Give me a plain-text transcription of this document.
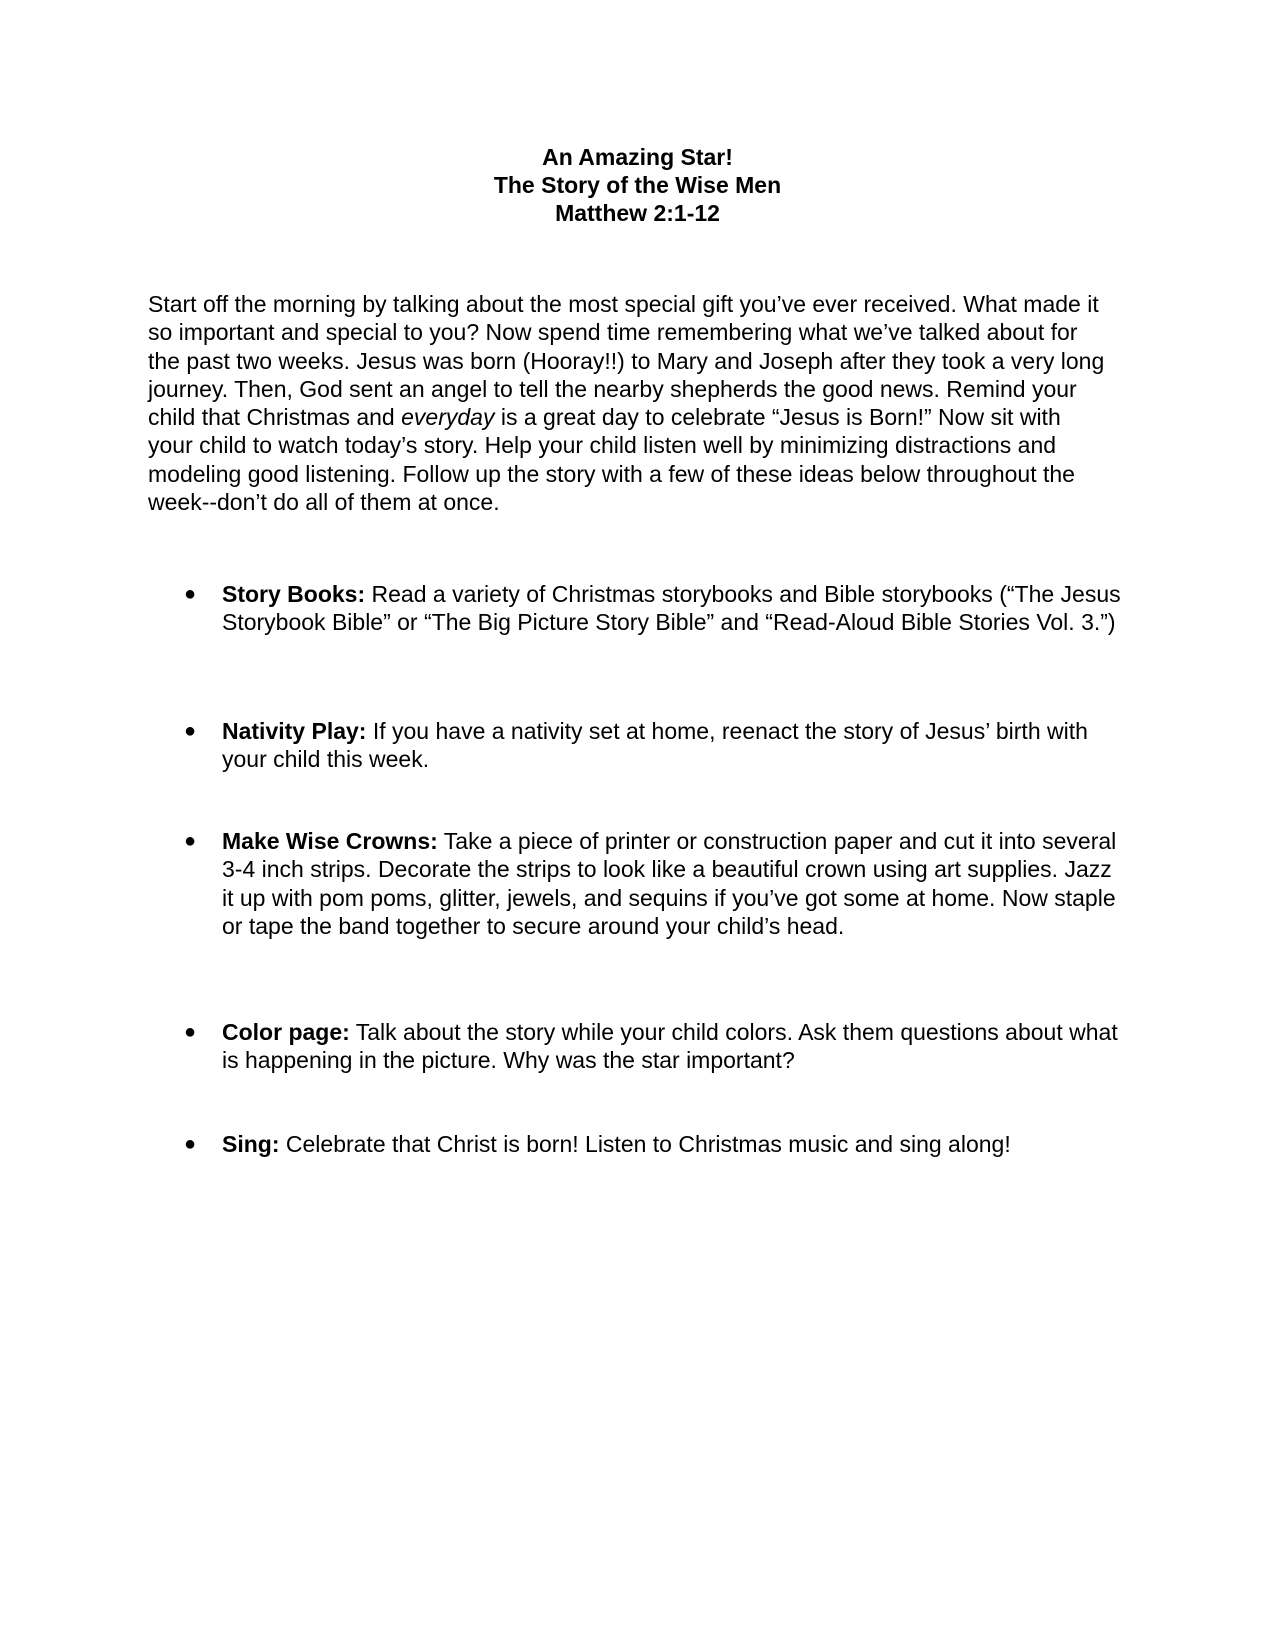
An Amazing Star!
The Story of the Wise Men
Matthew 2:1-12

Start off the morning by talking about the most special gift you’ve ever received. What made it so important and special to you? Now spend time remembering what we’ve talked about for the past two weeks. Jesus was born (Hooray!!) to Mary and Joseph after they took a very long journey. Then, God sent an angel to tell the nearby shepherds the good news. Remind your child that Christmas and everyday is a great day to celebrate “Jesus is Born!” Now sit with your child to watch today’s story. Help your child listen well by minimizing distractions and modeling good listening. Follow up the story with a few of these ideas below throughout the week--don’t do all of them at once.

● Story Books: Read a variety of Christmas storybooks and Bible storybooks (“The Jesus Storybook Bible” or “The Big Picture Story Bible” and “Read-Aloud Bible Stories Vol. 3.”)
● Nativity Play: If you have a nativity set at home, reenact the story of Jesus’ birth with your child this week.
● Make Wise Crowns: Take a piece of printer or construction paper and cut it into several 3-4 inch strips. Decorate the strips to look like a beautiful crown using art supplies. Jazz it up with pom poms, glitter, jewels, and sequins if you’ve got some at home. Now staple or tape the band together to secure around your child’s head.
● Color page: Talk about the story while your child colors. Ask them questions about what is happening in the picture. Why was the star important?
● Sing: Celebrate that Christ is born! Listen to Christmas music and sing along!
